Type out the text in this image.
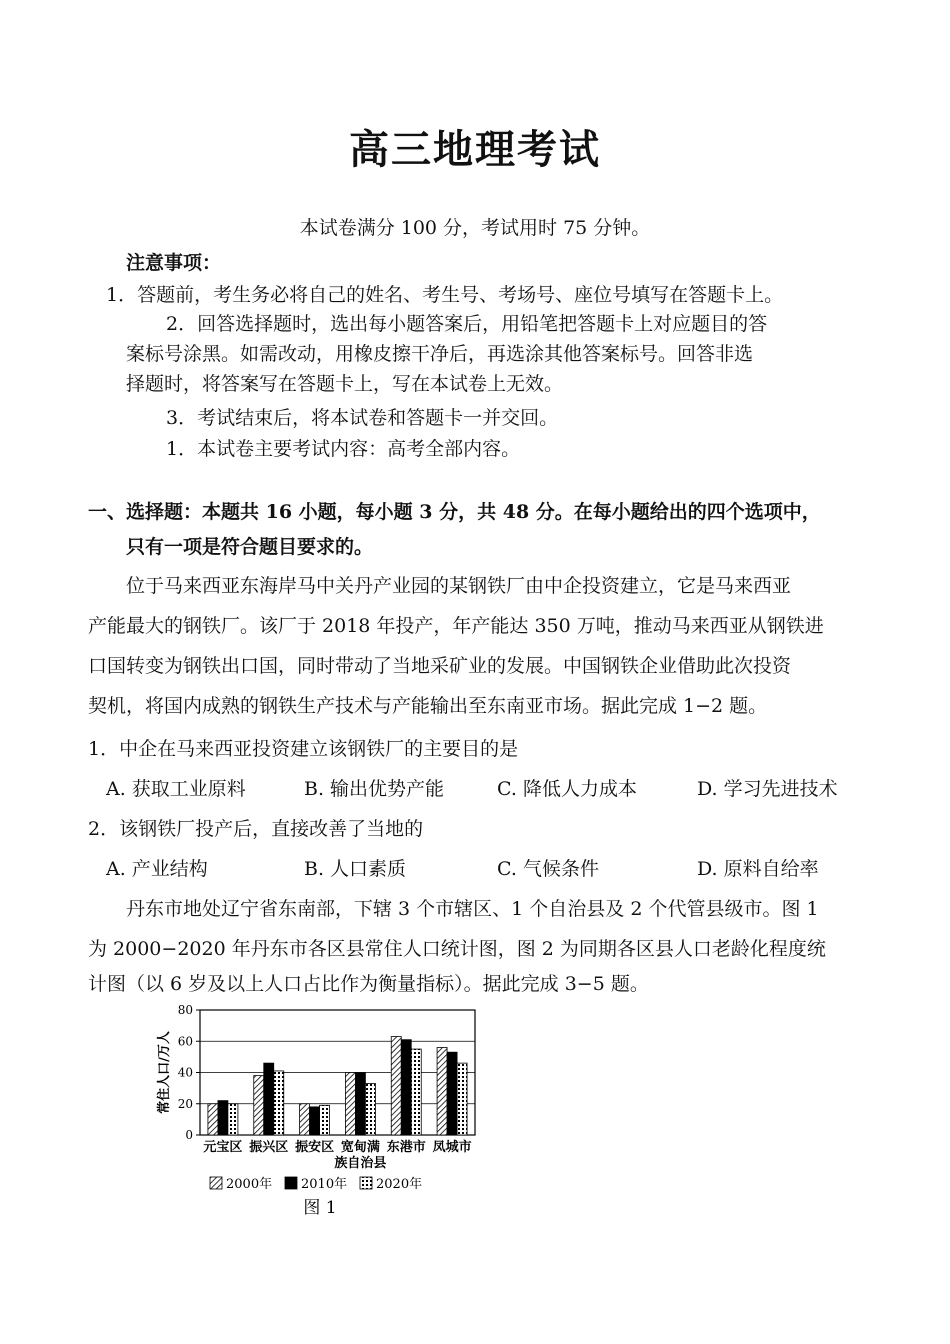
高三地理考试
本试卷满分 100 分，考试用时 75 分钟。
注意事项：
1．答题前，考生务必将自己的姓名、考生号、考场号、座位号填写在答题卡上。
2．回答选择题时，选出每小题答案后，用铅笔把答题卡上对应题目的答
案标号涂黑。如需改动，用橡皮擦干净后，再选涂其他答案标号。回答非选
择题时，将答案写在答题卡上，写在本试卷上无效。
3．考试结束后，将本试卷和答题卡一并交回。
1．本试卷主要考试内容：高考全部内容。
一、选择题：本题共 16 小题，每小题 3 分，共 48 分。在每小题给出的四个选项中，
只有一项是符合题目要求的。
位于马来西亚东海岸马中关丹产业园的某钢铁厂由中企投资建立，它是马来西亚
产能最大的钢铁厂。该厂于 2018 年投产，年产能达 350 万吨，推动马来西亚从钢铁进
口国转变为钢铁出口国，同时带动了当地采矿业的发展。中国钢铁企业借助此次投资
契机，将国内成熟的钢铁生产技术与产能输出至东南亚市场。据此完成 1−2 题。
1．中企在马来西亚投资建立该钢铁厂的主要目的是
A. 获取工业原料	B. 输出优势产能	C. 降低人力成本	D. 学习先进技术
2．该钢铁厂投产后，直接改善了当地的
A. 产业结构	B. 人口素质	C. 气候条件	D. 原料自给率
丹东市地处辽宁省东南部，下辖 3 个市辖区、1 个自治县及 2 个代管县级市。图 1
为 2000−2020 年丹东市各区县常住人口统计图，图 2 为同期各区县人口老龄化程度统
计图（以 6 岁及以上人口占比作为衡量指标）。据此完成 3−5 题。
0
20
40
60
80
常住人口/万人
元宝区 振兴区 振安区 宽甸满
族自治县
东港市 凤城市
图 1
2000年 2010年 2020年
